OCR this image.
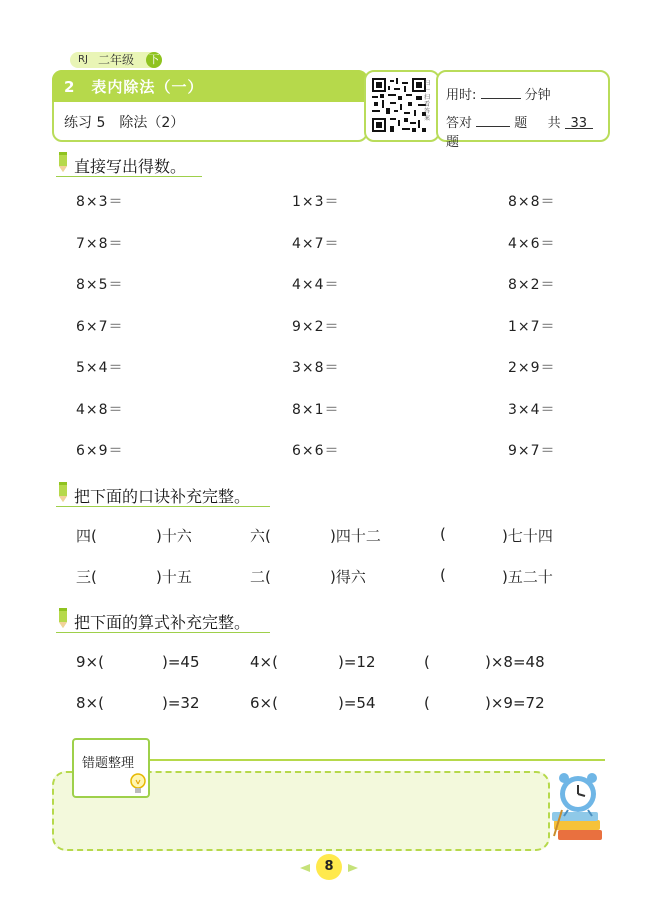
RJ 二年级 下
2　表内除法（一）
练习 5　除法（2）
扫一扫看答案
用时:	分钟
答对	题 共 33 题
直接写出得数。
8×3＝	1×3＝	8×8＝
7×8＝	4×7＝	4×6＝
8×5＝	4×4＝	8×2＝
6×7＝	9×2＝	1×7＝
5×4＝	3×8＝	2×9＝
4×8＝	8×1＝	3×4＝
6×9＝	6×6＝	9×7＝
把下面的口诀补充完整。
四(	)十六	六(	)四十二	(	)七十四
三(	)十五	二(	)得六	(	)五二十
把下面的算式补充完整。
9×(	)=45	4×(	)=12	(	)×8=48
8×(	)=32	6×(	)=54	(	)×9=72
错题整理
8
